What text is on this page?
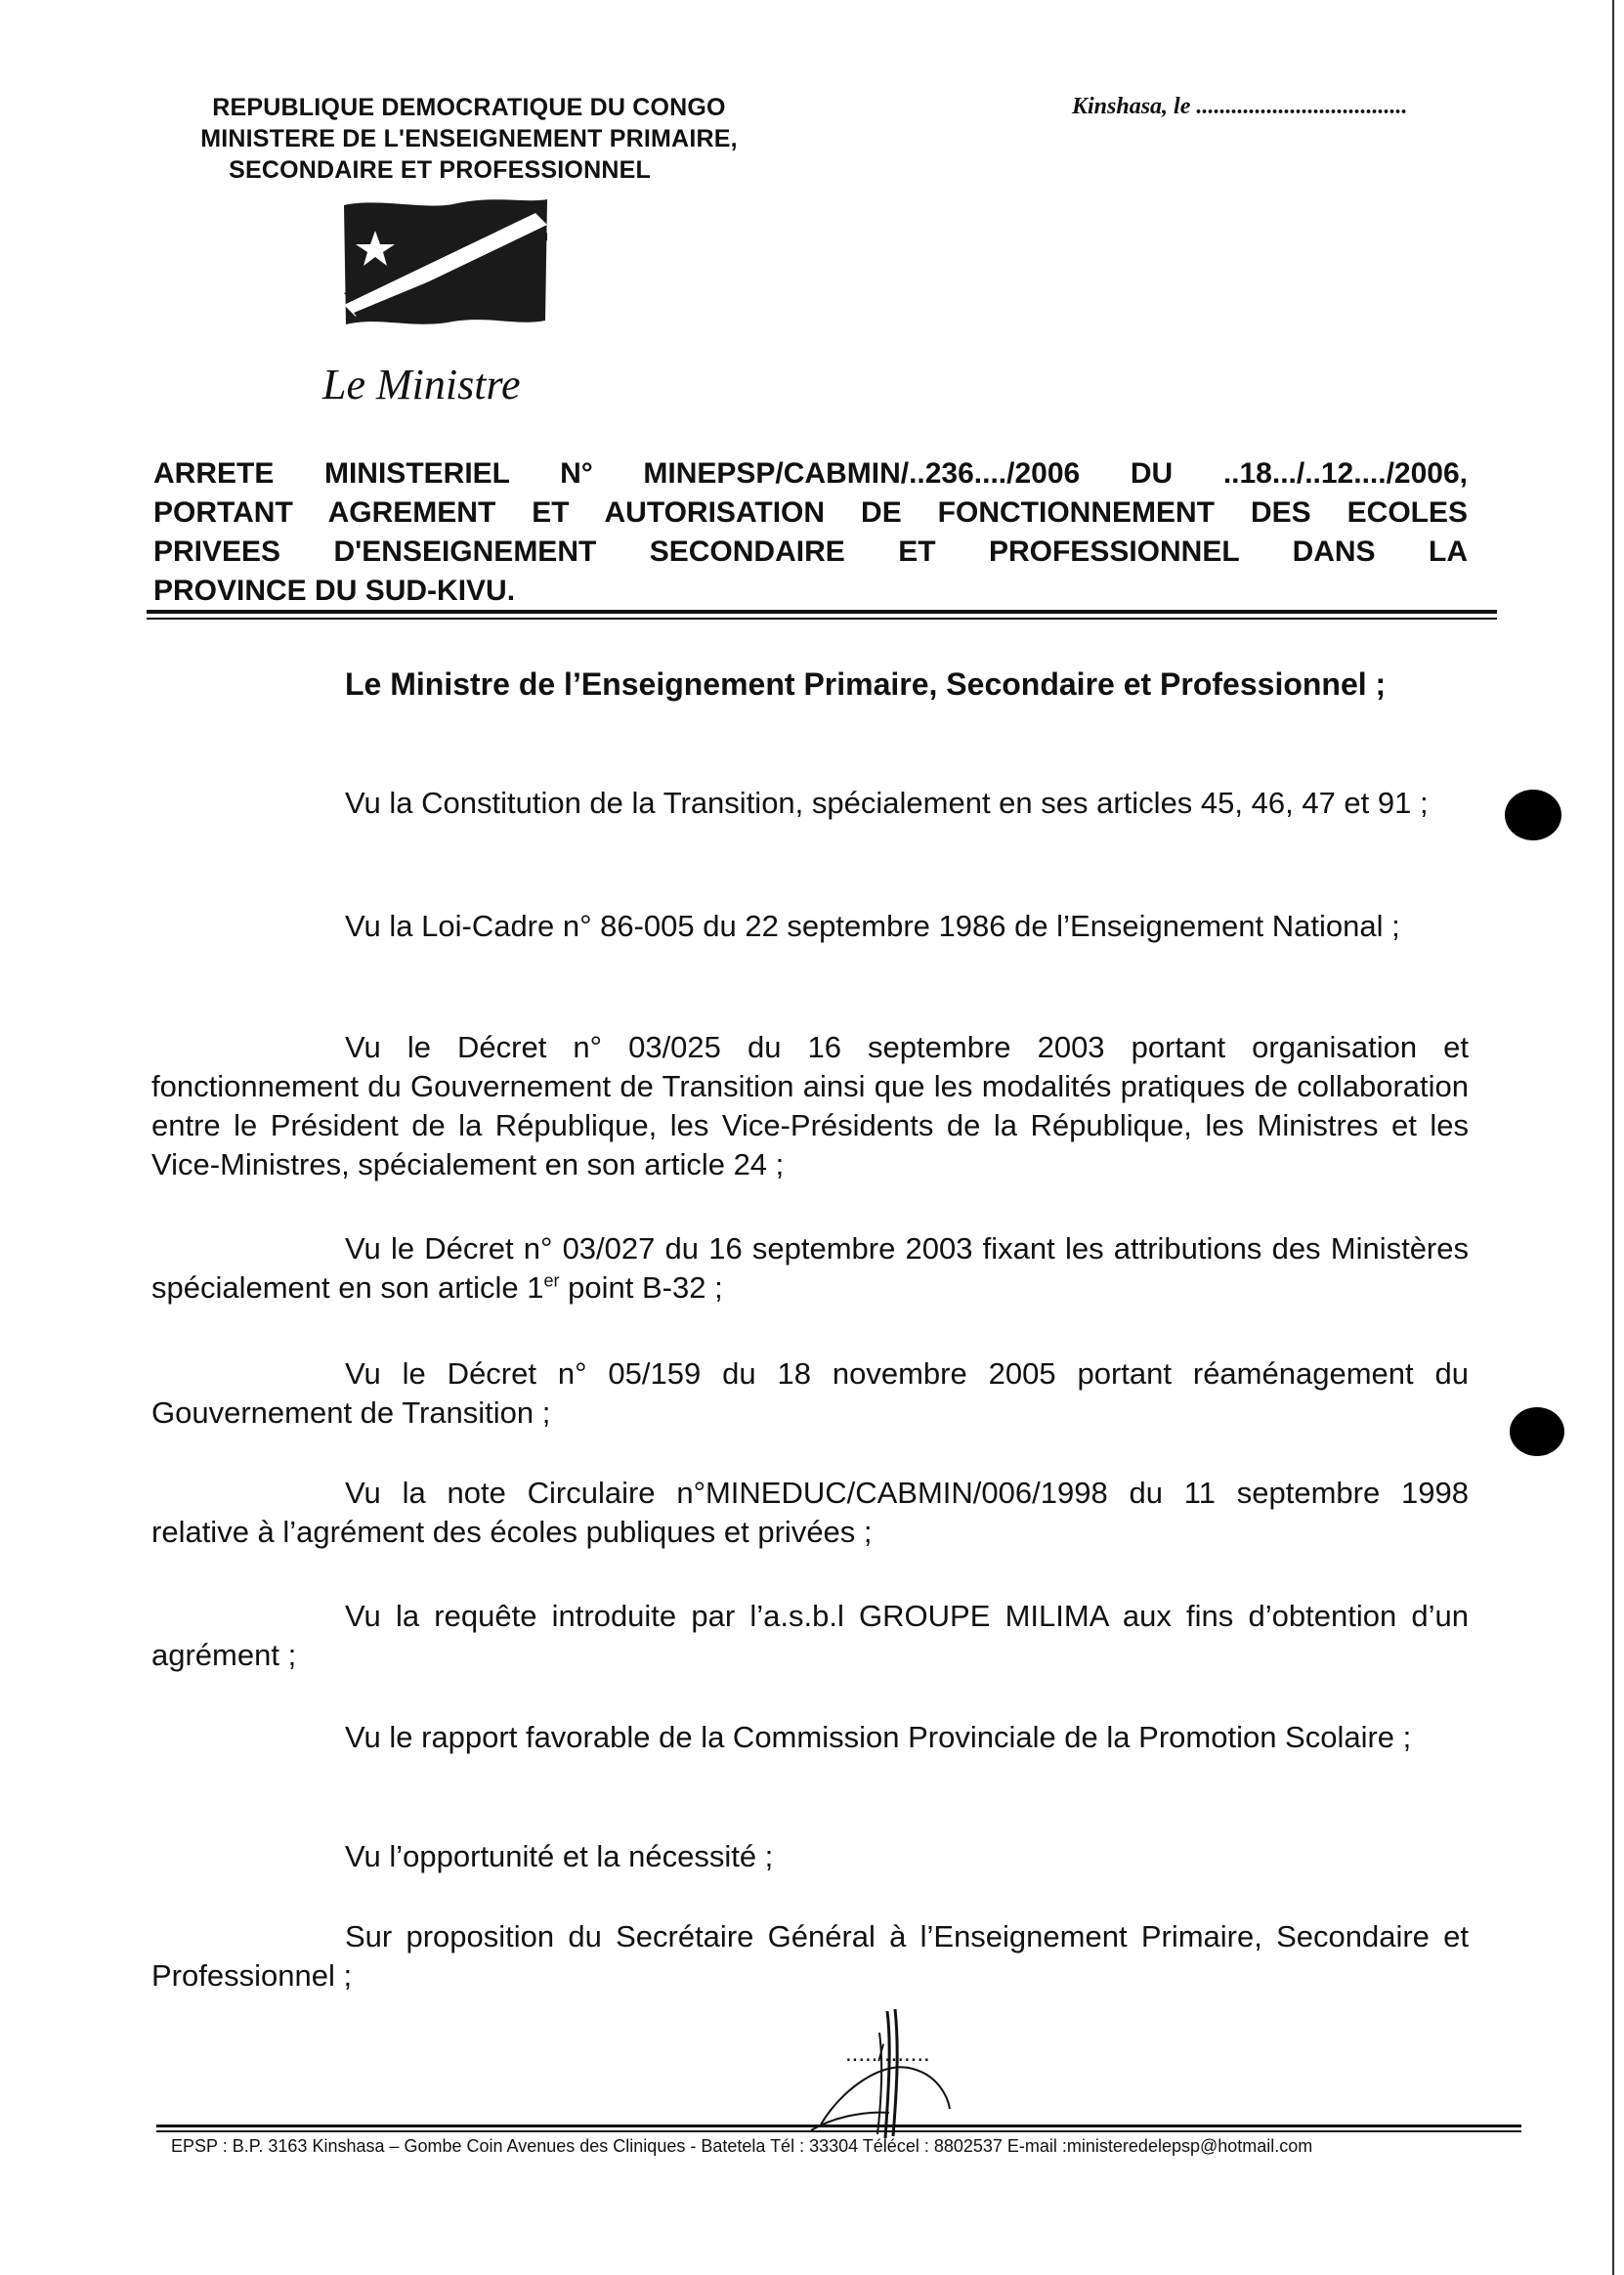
REPUBLIQUE DEMOCRATIQUE DU CONGO
MINISTERE DE L'ENSEIGNEMENT PRIMAIRE,
SECONDAIRE ET PROFESSIONNEL
Kinshasa, le ....................................
Le Ministre
ARRETE MINISTERIEL N° MINEPSP/CABMIN/..236..../2006 DU ..18.../..12..../2006,
PORTANT AGREMENT ET AUTORISATION DE FONCTIONNEMENT DES ECOLES
PRIVEES D'ENSEIGNEMENT SECONDAIRE ET PROFESSIONNEL DANS LA
PROVINCE DU SUD-KIVU.
Le Ministre de l’Enseignement Primaire, Secondaire et Professionnel ;
Vu la Constitution de la Transition, spécialement en ses articles 45, 46, 47 et 91 ;
Vu la Loi-Cadre n° 86-005 du 22 septembre 1986 de l’Enseignement National ;
Vu le Décret n° 03/025 du 16 septembre 2003 portant organisation et fonctionnement du Gouvernement de Transition ainsi que les modalités pratiques de collaboration entre le Président de la République, les Vice-Présidents de la République, les Ministres et les Vice-Ministres, spécialement en son article 24 ;
Vu le Décret n° 03/027 du 16 septembre 2003 fixant les attributions des Ministères spécialement en son article 1er point B-32 ;
Vu le Décret n° 05/159 du 18 novembre 2005 portant réaménagement du Gouvernement de Transition ;
Vu la note Circulaire n°MINEDUC/CABMIN/006/1998 du 11 septembre 1998 relative à l’agrément des écoles publiques et privées ;
Vu la requête introduite par l’a.s.b.l GROUPE MILIMA aux fins d’obtention d’un agrément ;
Vu le rapport favorable de la Commission Provinciale de la Promotion Scolaire ;
Vu l’opportunité et la nécessité ;
Sur proposition du Secrétaire Général à l’Enseignement Primaire, Secondaire et Professionnel ;
...../.......
EPSP : B.P. 3163 Kinshasa – Gombe Coin Avenues des Cliniques - Batetela Tél : 33304 Télécel : 8802537 E-mail :ministeredelepsp@hotmail.com
